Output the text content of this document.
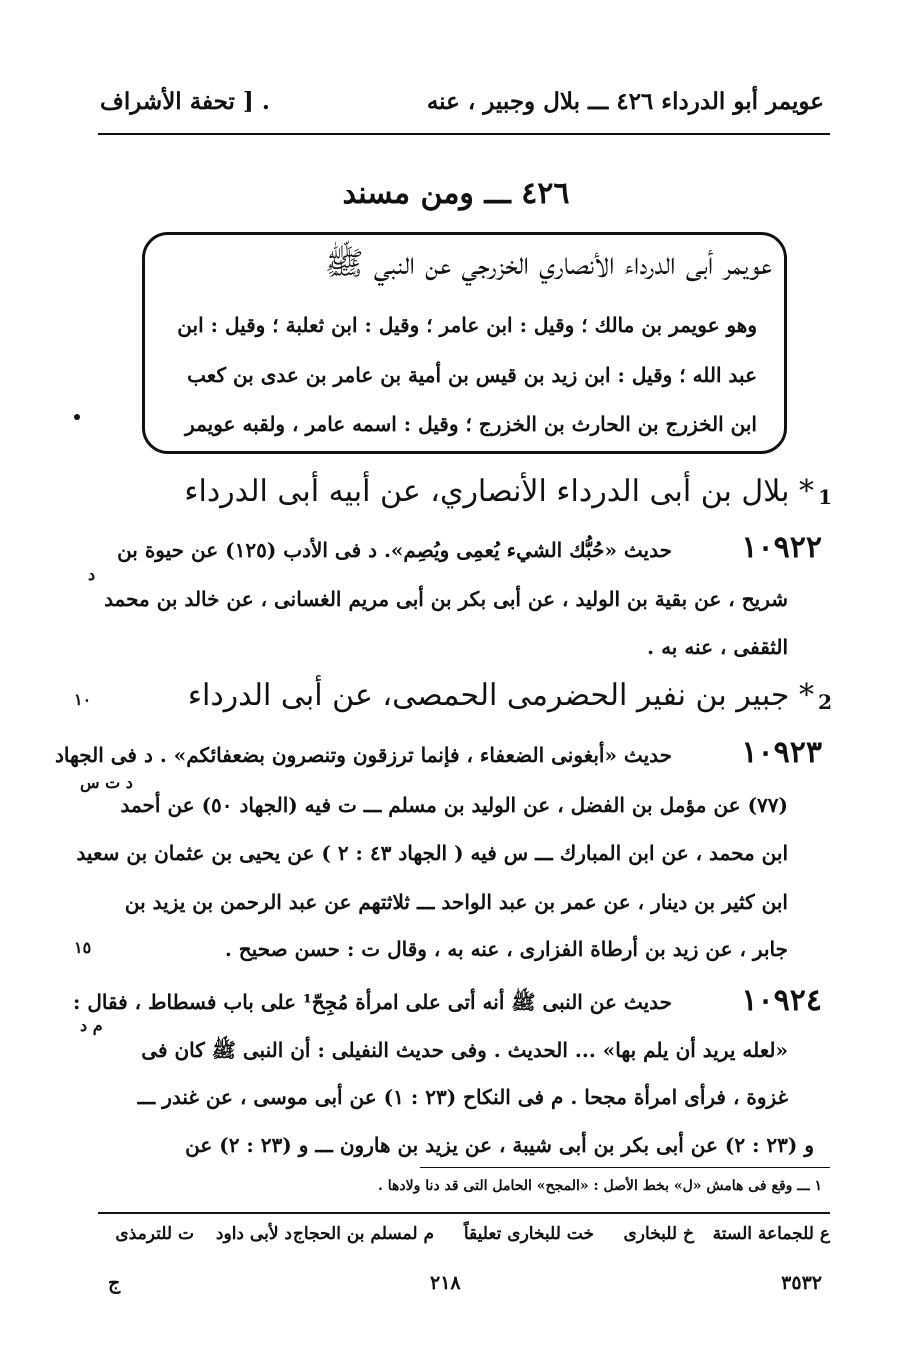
عويمر أبو الدرداء ٤٢٦ ـــ بلال وجبير ، عنه
. [ تحفة الأشراف
٤٢٦ ـــ ومن مسند
عويمر أبى الدرداء الأنصاري الخزرجي عن النبي ﷺ
وهو عويمر بن مالك ؛ وقيل : ابن عامر ؛ وقيل : ابن ثعلبة ؛ وقيل : ابن
عبد الله ؛ وقيل : ابن زيد بن قيس بن أمية بن عامر بن عدى بن كعب
ابن الخزرج بن الحارث بن الخزرج ؛ وقيل : اسمه عامر ، ولقبه عويمر
1
* بلال بن أبى الدرداء الأنصاري، عن أبيه أبى الدرداء
١٠٩٢٢
حديث «حُبُّك الشيء يُعمِى ويُصِم». د فى الأدب (١٢٥) عن حيوة بن
د
شريح ، عن بقية بن الوليد ، عن أبى بكر بن أبى مريم الغسانى ، عن خالد بن محمد
الثقفى ، عنه به .
١٠	2
* جبير بن نفير الحضرمى الحمصى، عن أبى الدرداء
١٠٩٢٣
حديث «أبغونى الضعفاء ، فإنما ترزقون وتنصرون بضعفائكم» . د فى الجهاد
د ت س
(٧٧) عن مؤمل بن الفضل ، عن الوليد بن مسلم ـــ ت فيه (الجهاد ٥٠) عن أحمد
ابن محمد ، عن ابن المبارك ـــ س فيه ( الجهاد ٤٣ : ٢ ) عن يحيى بن عثمان بن سعيد
ابن كثير بن دينار ، عن عمر بن عبد الواحد ـــ ثلاثتهم عن عبد الرحمن بن يزيد بن
١٥	جابر ، عن زيد بن أرطاة الفزارى ، عنه به ، وقال ت : حسن صحيح .
١٠٩٢٤
حديث عن النبى ﷺ أنه أتى على امرأة مُجِحّ¹ على باب فسطاط ، فقال :
م د
«لعله يريد أن يلم بها» ... الحديث . وفى حديث النفيلى : أن النبى ﷺ كان فى
غزوة ، فرأى امرأة مجحا . م فى النكاح (٢٣ : ١) عن أبى موسى ، عن غندر ـــ
و (٢٣ : ٢) عن أبى بكر بن أبى شيبة ، عن يزيد بن هارون ـــ و (٢٣ : ٢) عن
١ ـــ وقع فى هامش «ل» بخط الأصل : «المجح» الحامل التى قد دنا ولادها .
ع للجماعة الستة
خ للبخارى
خت للبخارى تعليقاً
م لمسلم بن الحجاج
د لأبى داود
ت للترمذى
٣٥٣٢
٢١٨
ج
